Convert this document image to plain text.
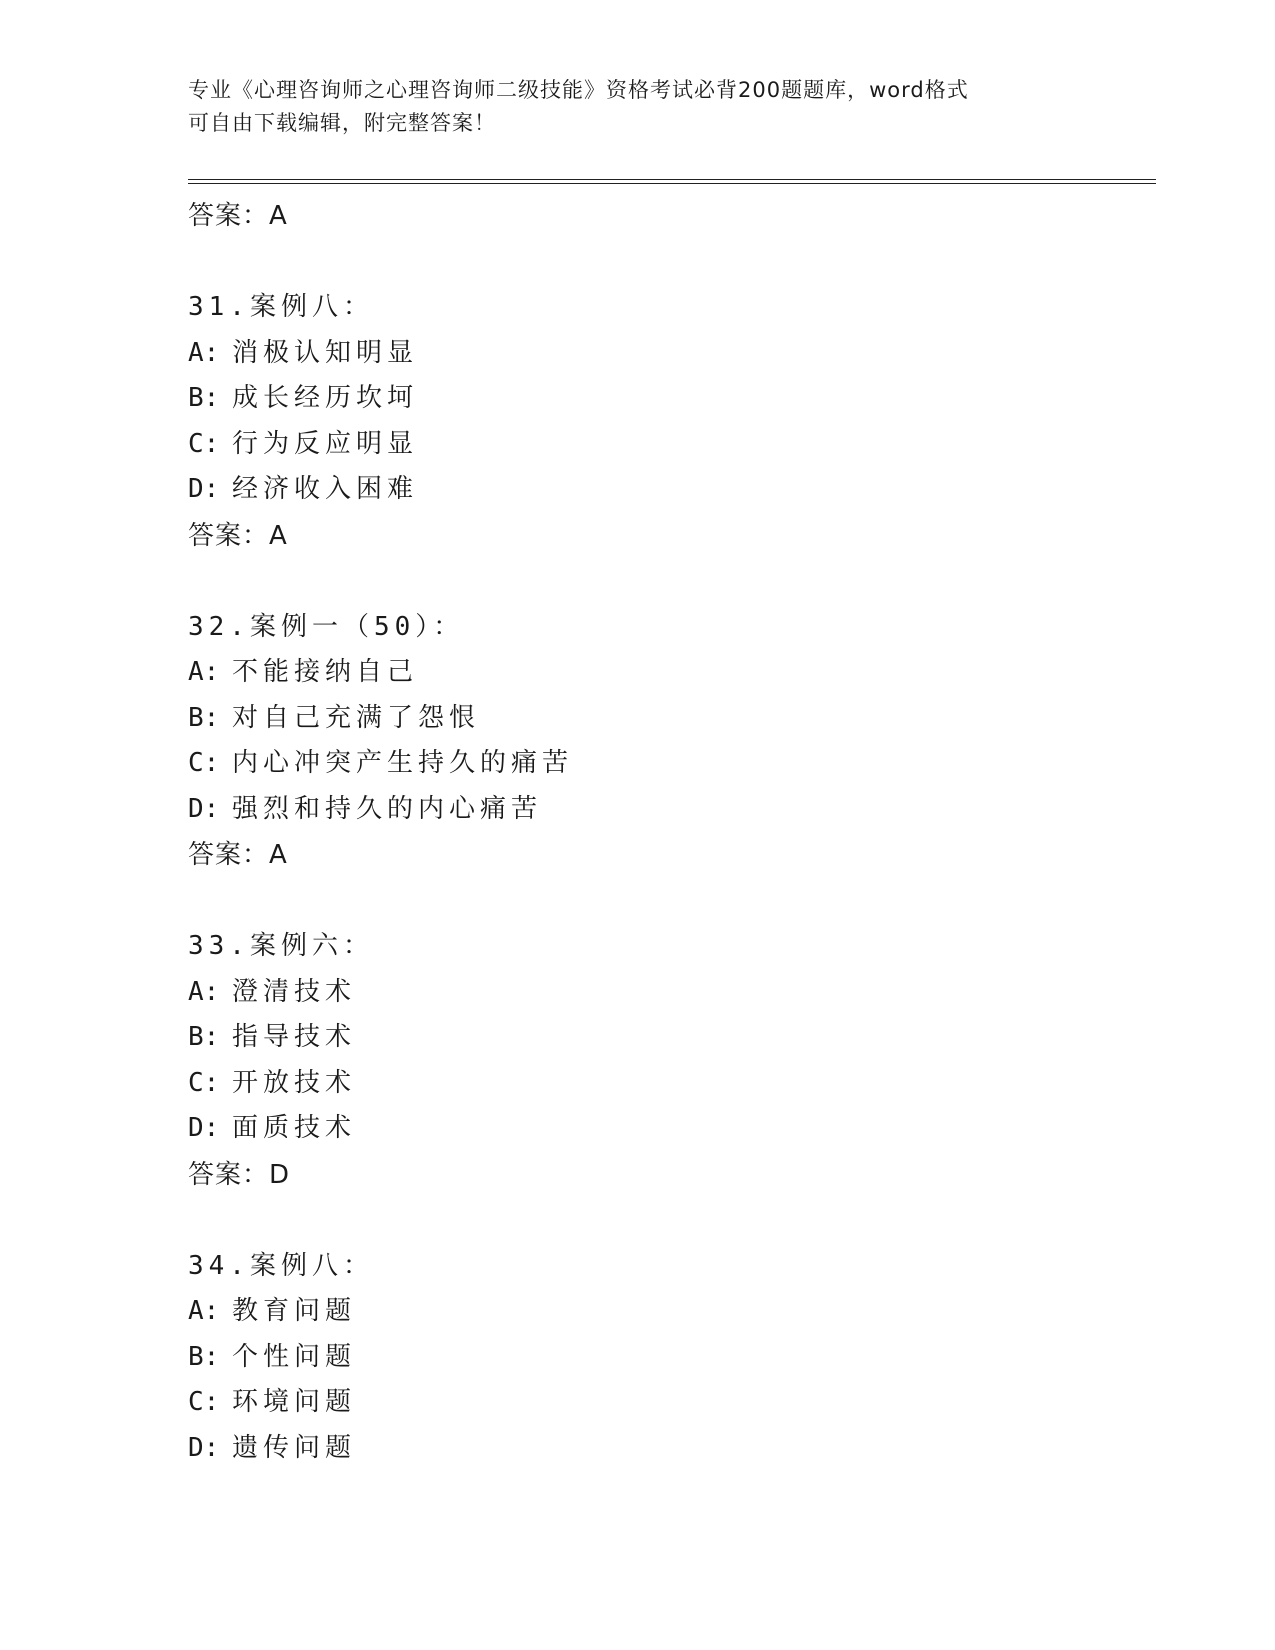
专业《心理咨询师之心理咨询师二级技能》资格考试必背200题题库，word格式
可自由下载编辑，附完整答案！
答案：A
31.案例八：
A: 消极认知明显
B: 成长经历坎坷
C: 行为反应明显
D: 经济收入困难
答案：A
32.案例一（50）：
A: 不能接纳自己
B: 对自己充满了怨恨
C: 内心冲突产生持久的痛苦
D: 强烈和持久的内心痛苦
答案：A
33.案例六：
A: 澄清技术
B: 指导技术
C: 开放技术
D: 面质技术
答案：D
34.案例八：
A: 教育问题
B: 个性问题
C: 环境问题
D: 遗传问题
